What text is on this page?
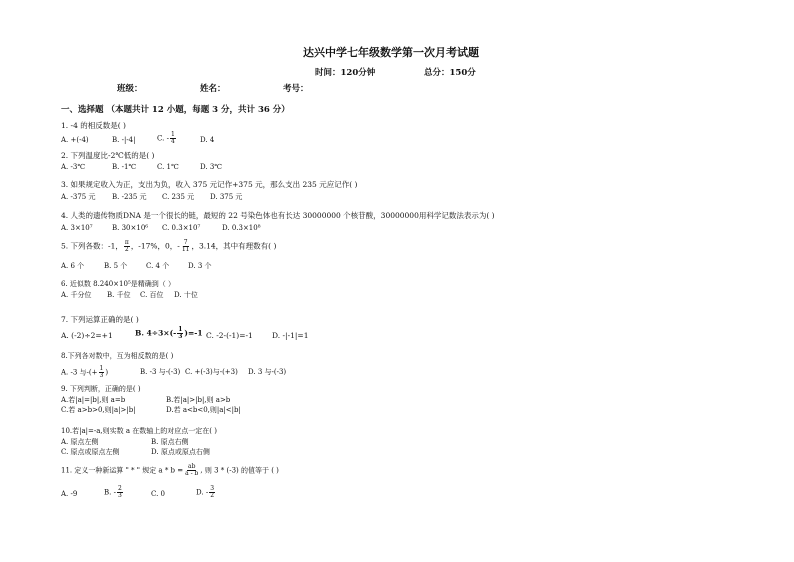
达兴中学七年级数学第一次月考试题
时间：120分钟	总分：150分
班级：	姓名：	考号：
一、选择题 （本题共计 12 小题，每题 3 分，共计 36 分）
1. -4 的相反数是( )
A. +(-4)	B. -|-4|	C. - $\frac{1}{4}$	D. 4
2. 下列温度比-2℃低的是( )
A. -3℃	B. -1℃	C. 1℃	D. 3℃
3. 如果规定收入为正，支出为负，收入 375 元记作+375 元，那么支出 235 元应记作( )
A. -375 元 B. -235 元 C. 235 元 D. 375 元
4. 人类的遗传物质DNA 是一个很长的链，最短的 22 号染色体也有长达 30000000 个核苷酸，30000000用科学记数法表示为( )
A. 3×10⁷	B. 30×10⁶ C. 0.3×10⁷	D. 0.3×10⁸
5. 下列各数：-1， $\frac{\pi}{2}$ ，-17%，0，- $\frac{7}{11}$ ，3.14，其中有理数有( )
A. 6 个	B. 5 个	C. 4 个	D. 3 个
6. 近似数 8.240×10⁵是精确到（ ）
A. 千分位 B. 千位 C. 百位 D. 十位
7. 下列运算正确的是( )
A. (-2)÷2=+1	B. $4\div 3\times(- \frac{1}{3} )=-1$ C. -2-(-1)=-1	D. -|-1|=1
8.下列各对数中，互为相反数的是( )
A. -3 与-(+ $\frac{1}{3}$ )	B. -3 与-(-3) C. +(-3)与-(+3) D. 3 与-(-3)
9. 下列判断，正确的是( )
A.若|a|=|b|,则 a=b	B.若|a|>|b|,则 a>b
C.若 a>b>0,则|a|>|b|	D.若 a<b<0,则|a|<|b|
10.若|a|=-a,则实数 a 在数轴上的对应点一定在( )
A. 原点左侧	B. 原点右侧
C. 原点或原点左侧	D. 原点或原点右侧
11. 定义一种新运算 " * " 规定 $a * b = \frac{ab}{a - b}$ , 则 3 * (-3) 的值等于 ( )
A. -9	B. - $\frac{2}{3}$	C. 0	D. - $\frac{3}{2}$
